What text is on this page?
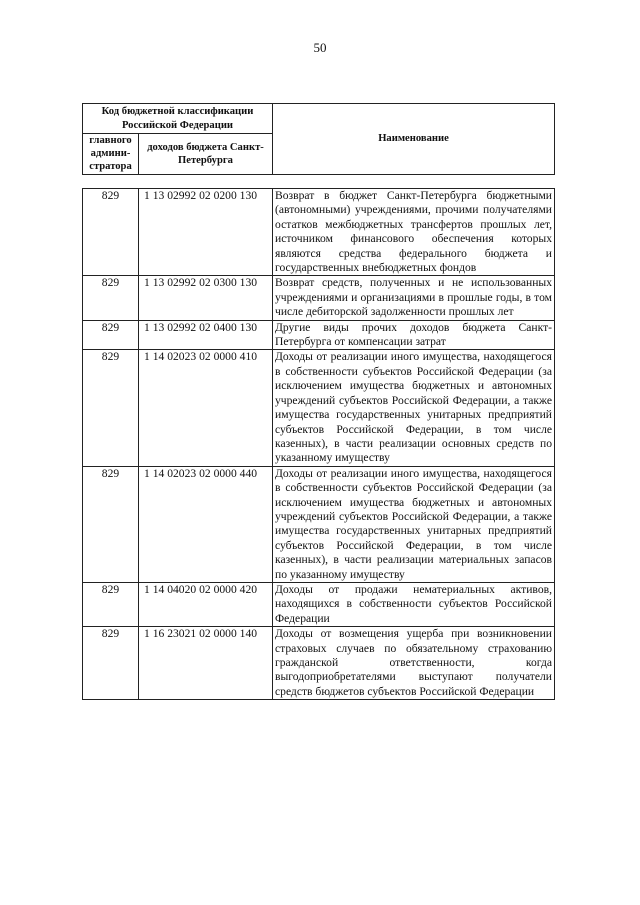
50
Код бюджетной классификации Российской Федерации		Наименование
главного админи-стратора	доходов бюджета Санкт-Петербурга	
829	1 13 02992 02 0200 130	Возврат в бюджет Санкт-Петербурга бюджетными (автономными) учреждениями, прочими получателями остатков межбюджетных трансфертов прошлых лет, источником финансового обеспечения которых являются средства федерального бюджета и государственных внебюджетных фондов
829	1 13 02992 02 0300 130	Возврат средств, полученных и не использованных учреждениями и организациями в прошлые годы, в том числе дебиторской задолженности прошлых лет
829	1 13 02992 02 0400 130	Другие виды прочих доходов бюджета Санкт-Петербурга от компенсации затрат
829	1 14 02023 02 0000 410	Доходы от реализации иного имущества, находящегося в собственности субъектов Российской Федерации (за исключением имущества бюджетных и автономных учреждений субъектов Российской Федерации, а также имущества государственных унитарных предприятий субъектов Российской Федерации, в том числе казенных), в части реализации основных средств по указанному имуществу
829	1 14 02023 02 0000 440	Доходы от реализации иного имущества, находящегося в собственности субъектов Российской Федерации (за исключением имущества бюджетных и автономных учреждений субъектов Российской Федерации, а также имущества государственных унитарных предприятий субъектов Российской Федерации, в том числе казенных), в части реализации материальных запасов по указанному имуществу
829	1 14 04020 02 0000 420	Доходы от продажи нематериальных активов, находящихся в собственности субъектов Российской Федерации
829	1 16 23021 02 0000 140	Доходы от возмещения ущерба при возникновении страховых случаев по обязательному страхованию гражданской ответственности, когда выгодоприобретателями выступают получатели средств бюджетов субъектов Российской Федерации
